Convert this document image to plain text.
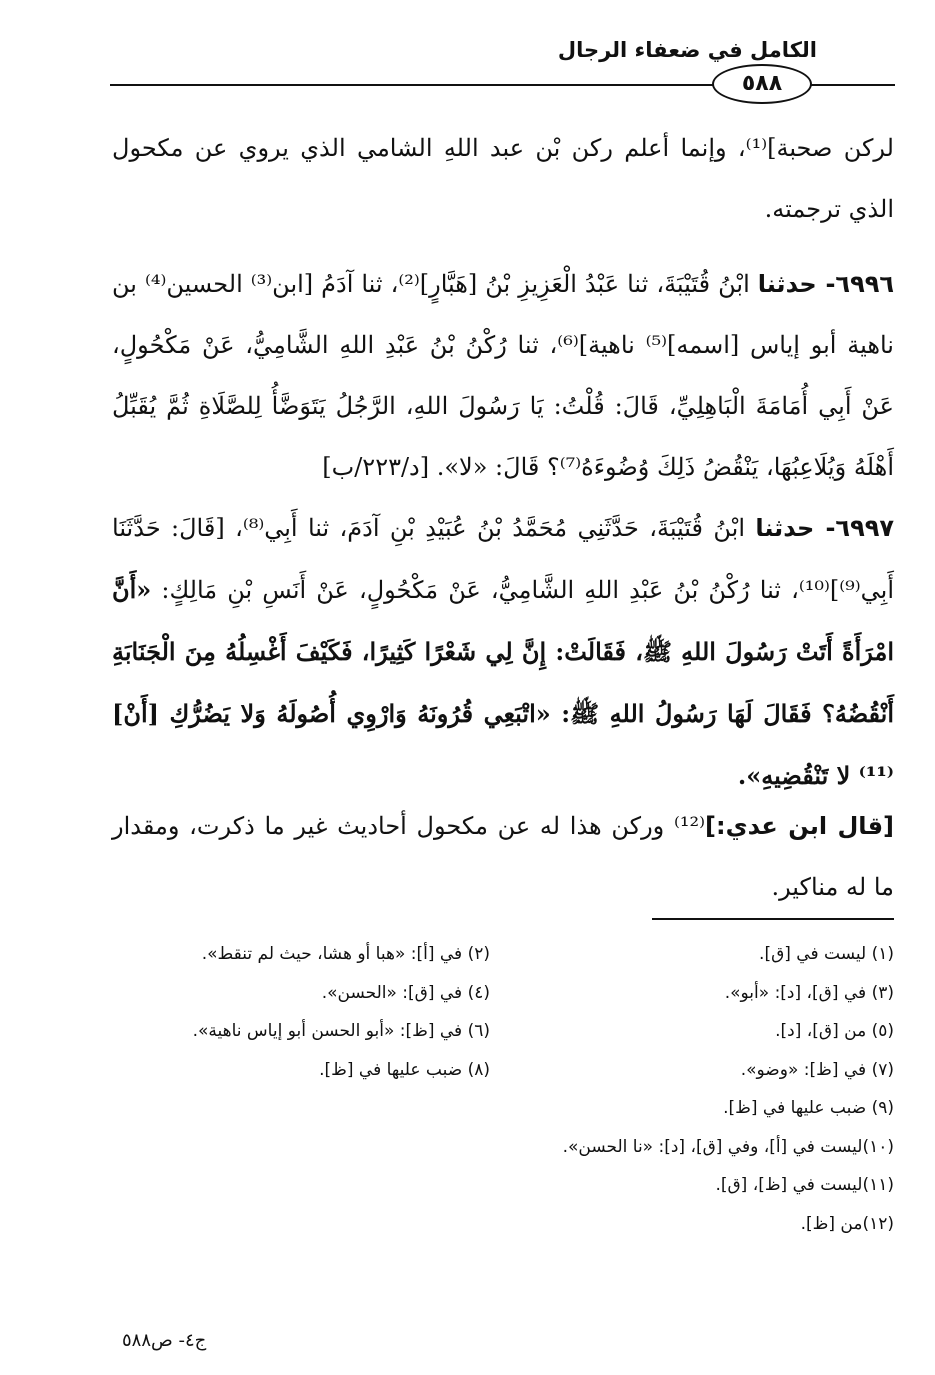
الكامل في ضعفاء الرجال
٥٨٨

لركن صحبة]⁽¹⁾، وإنما أعلم ركن بْن عبد اللهِ الشامي الذي يروي عن مكحول الذي ترجمته.

٦٩٩٦- حدثنا ابْنُ قُتَيْبَةَ، ثنا عَبْدُ الْعَزِيزِ بْنُ [هَبَّارٍ]⁽²⁾، ثنا آدَمُ [ابن⁽³⁾ الحسين⁽⁴⁾ بن ناهية أبو إياس [اسمه]⁽⁵⁾ ناهية]⁽⁶⁾، ثنا رُكْنُ بْنُ عَبْدِ اللهِ الشَّامِيُّ، عَنْ مَكْحُولٍ، عَنْ أَبِي أُمَامَةَ الْبَاهِلِيِّ، قَالَ: قُلْتُ: يَا رَسُولَ اللهِ، الرَّجُلُ يَتَوَضَّأُ لِلصَّلَاةِ ثُمَّ يُقَبِّلُ أَهْلَهُ وَيُلَاعِبُهَا، يَنْقُضُ ذَلِكَ وُضُوءَهُ⁽⁷⁾؟ قَالَ: «لا». [د/٢٢٣/ب]

٦٩٩٧- حدثنا ابْنُ قُتَيْبَةَ، حَدَّثَنِي مُحَمَّدُ بْنُ عُبَيْدِ بْنِ آدَمَ، ثنا أَبِي⁽⁸⁾، [قَالَ: حَدَّثَنَا أَبِي⁽⁹⁾]⁽¹⁰⁾، ثنا رُكْنُ بْنُ عَبْدِ اللهِ الشَّامِيُّ، عَنْ مَكْحُولٍ، عَنْ أَنَسِ بْنِ مَالِكٍ: «أَنَّ امْرَأَةً أَتَتْ رَسُولَ اللهِ ﷺ، فَقَالَتْ: إِنَّ لِي شَعْرًا كَثِيرًا، فَكَيْفَ أَغْسِلُهُ مِنَ الْجَنَابَةِ أَنْقُضُهُ؟ فَقَالَ لَهَا رَسُولُ اللهِ ﷺ: «اتْبَعِي قُرُونَهُ وَارْوِي أُصُولَهُ وَلا يَضُرُّكِ [أَنْ]⁽¹¹⁾ لا تَنْقُضِيهِ».

[قال ابن عدي:]⁽¹²⁾ وركن هذا له عن مكحول أحاديث غير ما ذكرت، ومقدار ما له مناكير.

(١) ليست في [ق].
(٢) في [أ]: «هبا أو هشا، حيث لم تنقط».
(٣) في [ق]، [د]: «أبو».
(٤) في [ق]: «الحسن».
(٥) من [ق]، [د].
(٦) في [ظ]: «أبو الحسن أبو إياس ناهية».
(٧) في [ظ]: «وضو».
(٨) ضبب عليها في [ظ].
(٩) ضبب عليها في [ظ].
(١٠)ليست في [أ]، وفي [ق]، [د]: «نا الحسن».
(١١)ليست في [ظ]، [ق].
(١٢)من [ظ].
ج٤- ص٥٨٨
